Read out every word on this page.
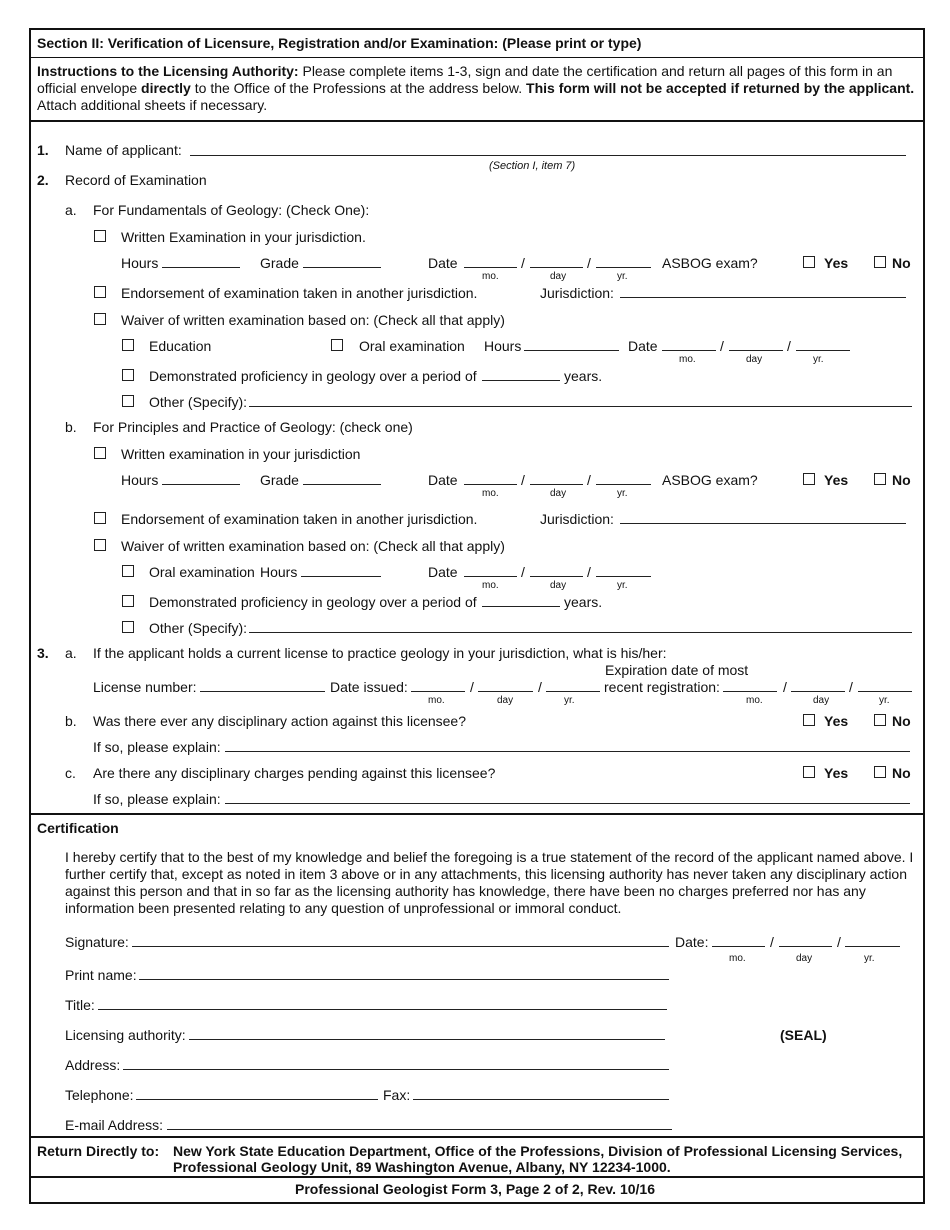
Section II: Verification of Licensure, Registration and/or Examination: (Please print or type)
Instructions to the Licensing Authority: Please complete items 1-3, sign and date the certification and return all pages of this form in an official envelope directly to the Office of the Professions at the address below. This form will not be accepted if returned by the applicant. Attach additional sheets if necessary.
1. Name of applicant:
(Section I, item 7)
2. Record of Examination
a. For Fundamentals of Geology: (Check One):
Written Examination in your jurisdiction.
Hours	Grade	Date	/	/
mo.	day	yr.
ASBOG exam?	Yes	No
Endorsement of examination taken in another jurisdiction.	Jurisdiction:
Waiver of written examination based on: (Check all that apply)
Education	Oral examination Hours	Date	/	/
mo.	day	yr.
Demonstrated proficiency in geology over a period of	years.
Other (Specify):
b. For Principles and Practice of Geology: (check one)
Written examination in your jurisdiction
Hours	Grade	Date	/	/
mo.	day	yr.
ASBOG exam?	Yes	No
Endorsement of examination taken in another jurisdiction.	Jurisdiction:
Waiver of written examination based on: (Check all that apply)
Oral examination Hours	Date	/	/
mo.	day	yr.
Demonstrated proficiency in geology over a period of	years.
Other (Specify):
3. a. If the applicant holds a current license to practice geology in your jurisdiction, what is his/her:
Expiration date of most
License number:	Date issued:	/	/
mo.	day	yr.
recent registration:	/	/
mo.	day	yr.
b. Was there ever any disciplinary action against this licensee?	Yes	No
If so, please explain:
c. Are there any disciplinary charges pending against this licensee?	Yes	No
If so, please explain:
Certification
I hereby certify that to the best of my knowledge and belief the foregoing is a true statement of the record of the applicant named above. I further certify that, except as noted in item 3 above or in any attachments, this licensing authority has never taken any disciplinary action against this person and that in so far as the licensing authority has knowledge, there have been no charges preferred nor has any information been presented relating to any question of unprofessional or immoral conduct.
Signature:	Date:	/	/
mo.	day	yr.
Print name:
Title:
Licensing authority:	(SEAL)
Address:
Telephone:	Fax:
E-mail Address:
Return Directly to: New York State Education Department, Office of the Professions, Division of Professional Licensing Services,
Professional Geology Unit, 89 Washington Avenue, Albany, NY 12234-1000.
Professional Geologist Form 3, Page 2 of 2, Rev. 10/16
